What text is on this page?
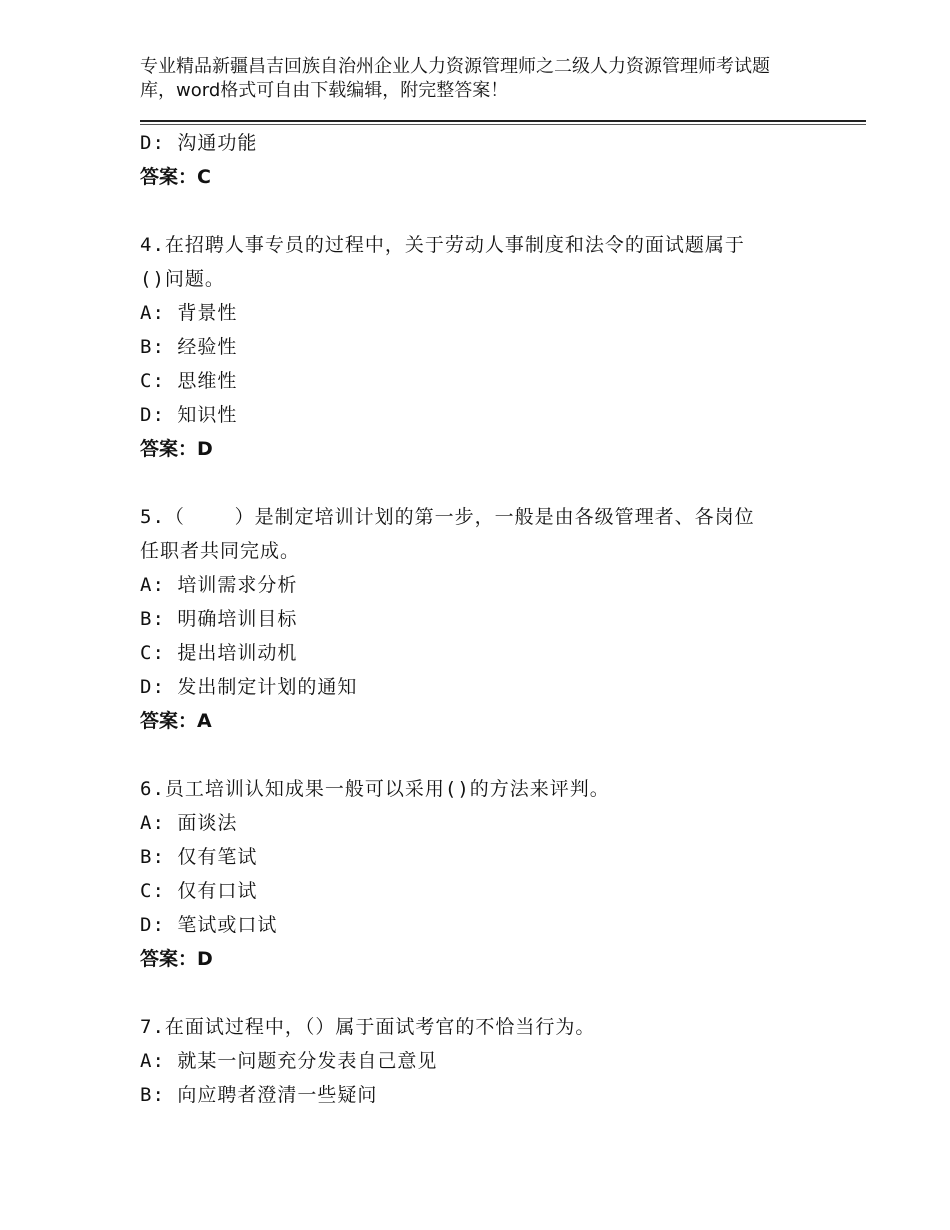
专业精品新疆昌吉回族自治州企业人力资源管理师之二级人力资源管理师考试题
库，word格式可自由下载编辑，附完整答案！
D: 沟通功能
答案：C
4.在招聘人事专员的过程中，关于劳动人事制度和法令的面试题属于
()问题。
A: 背景性
B: 经验性
C: 思维性
D: 知识性
答案：D
5.（    ）是制定培训计划的第一步，一般是由各级管理者、各岗位
任职者共同完成。
A: 培训需求分析
B: 明确培训目标
C: 提出培训动机
D: 发出制定计划的通知
答案：A
6.员工培训认知成果一般可以采用()的方法来评判。
A: 面谈法
B: 仅有笔试
C: 仅有口试
D: 笔试或口试
答案：D
7.在面试过程中，（）属于面试考官的不恰当行为。
A: 就某一问题充分发表自己意见
B: 向应聘者澄清一些疑问
